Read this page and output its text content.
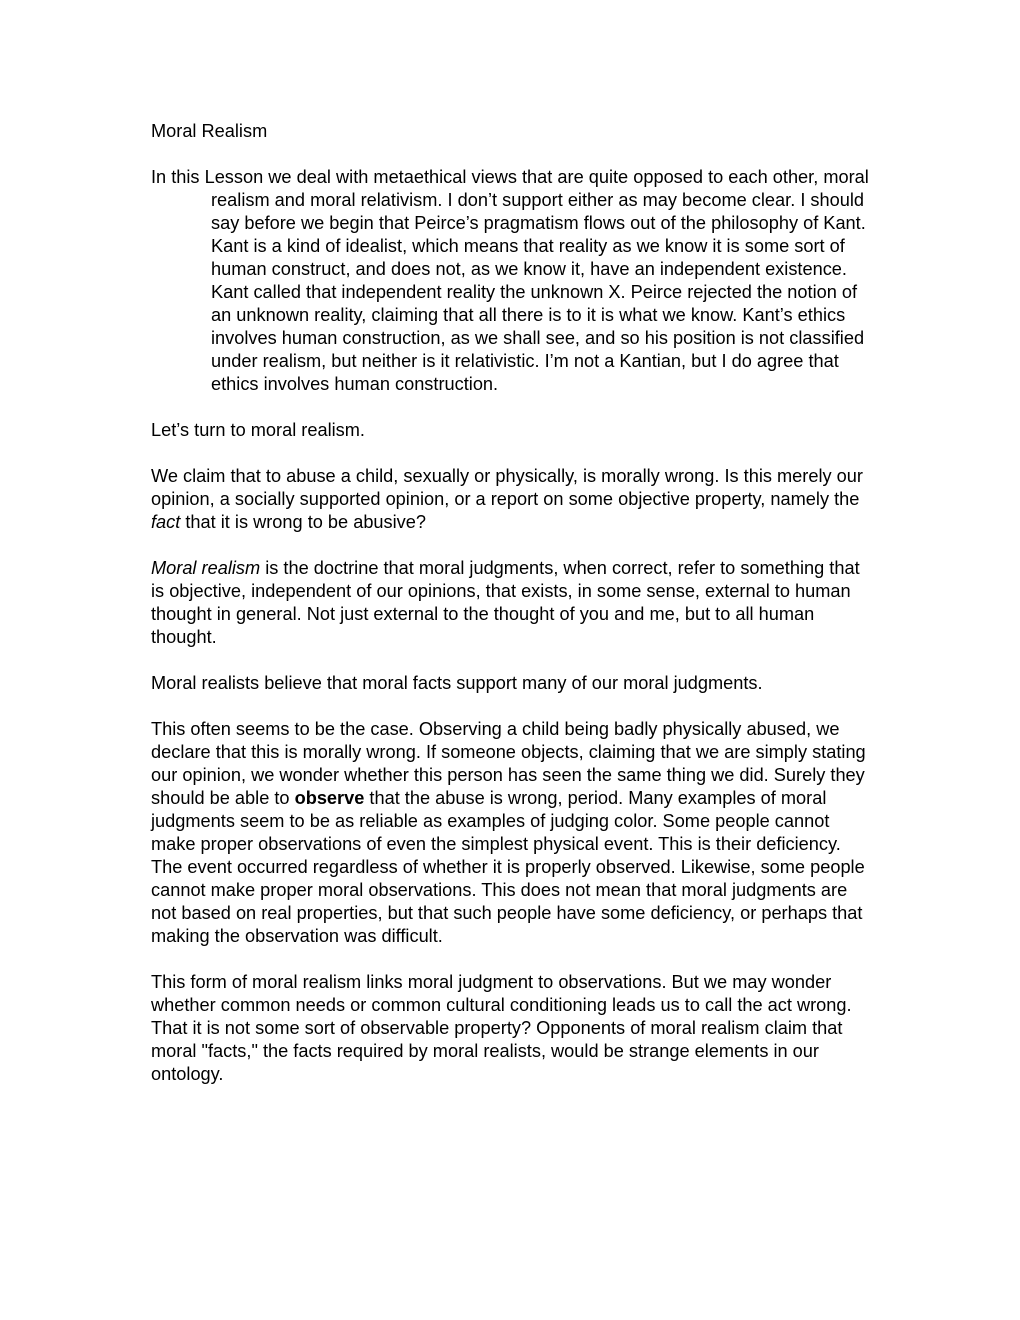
Moral Realism

In this Lesson we deal with metaethical views that are quite opposed to each other, moral realism and moral relativism. I don’t support either as may become clear. I should say before we begin that Peirce’s pragmatism flows out of the philosophy of Kant. Kant is a kind of idealist, which means that reality as we know it is some sort of human construct, and does not, as we know it, have an independent existence. Kant called that independent reality the unknown X. Peirce rejected the notion of an unknown reality, claiming that all there is to it is what we know. Kant’s ethics involves human construction, as we shall see, and so his position is not classified under realism, but neither is it relativistic. I’m not a Kantian, but I do agree that ethics involves human construction.

Let’s turn to moral realism.

We claim that to abuse a child, sexually or physically, is morally wrong. Is this merely our opinion, a socially supported opinion, or a report on some objective property, namely the fact that it is wrong to be abusive?

Moral realism is the doctrine that moral judgments, when correct, refer to something that is objective, independent of our opinions, that exists, in some sense, external to human thought in general. Not just external to the thought of you and me, but to all human thought.

Moral realists believe that moral facts support many of our moral judgments.

This often seems to be the case. Observing a child being badly physically abused, we declare that this is morally wrong. If someone objects, claiming that we are simply stating our opinion, we wonder whether this person has seen the same thing we did. Surely they should be able to observe that the abuse is wrong, period. Many examples of moral judgments seem to be as reliable as examples of judging color. Some people cannot make proper observations of even the simplest physical event. This is their deficiency. The event occurred regardless of whether it is properly observed. Likewise, some people cannot make proper moral observations. This does not mean that moral judgments are not based on real properties, but that such people have some deficiency, or perhaps that making the observation was difficult.

This form of moral realism links moral judgment to observations. But we may wonder whether common needs or common cultural conditioning leads us to call the act wrong. That it is not some sort of observable property? Opponents of moral realism claim that moral "facts," the facts required by moral realists, would be strange elements in our ontology.
